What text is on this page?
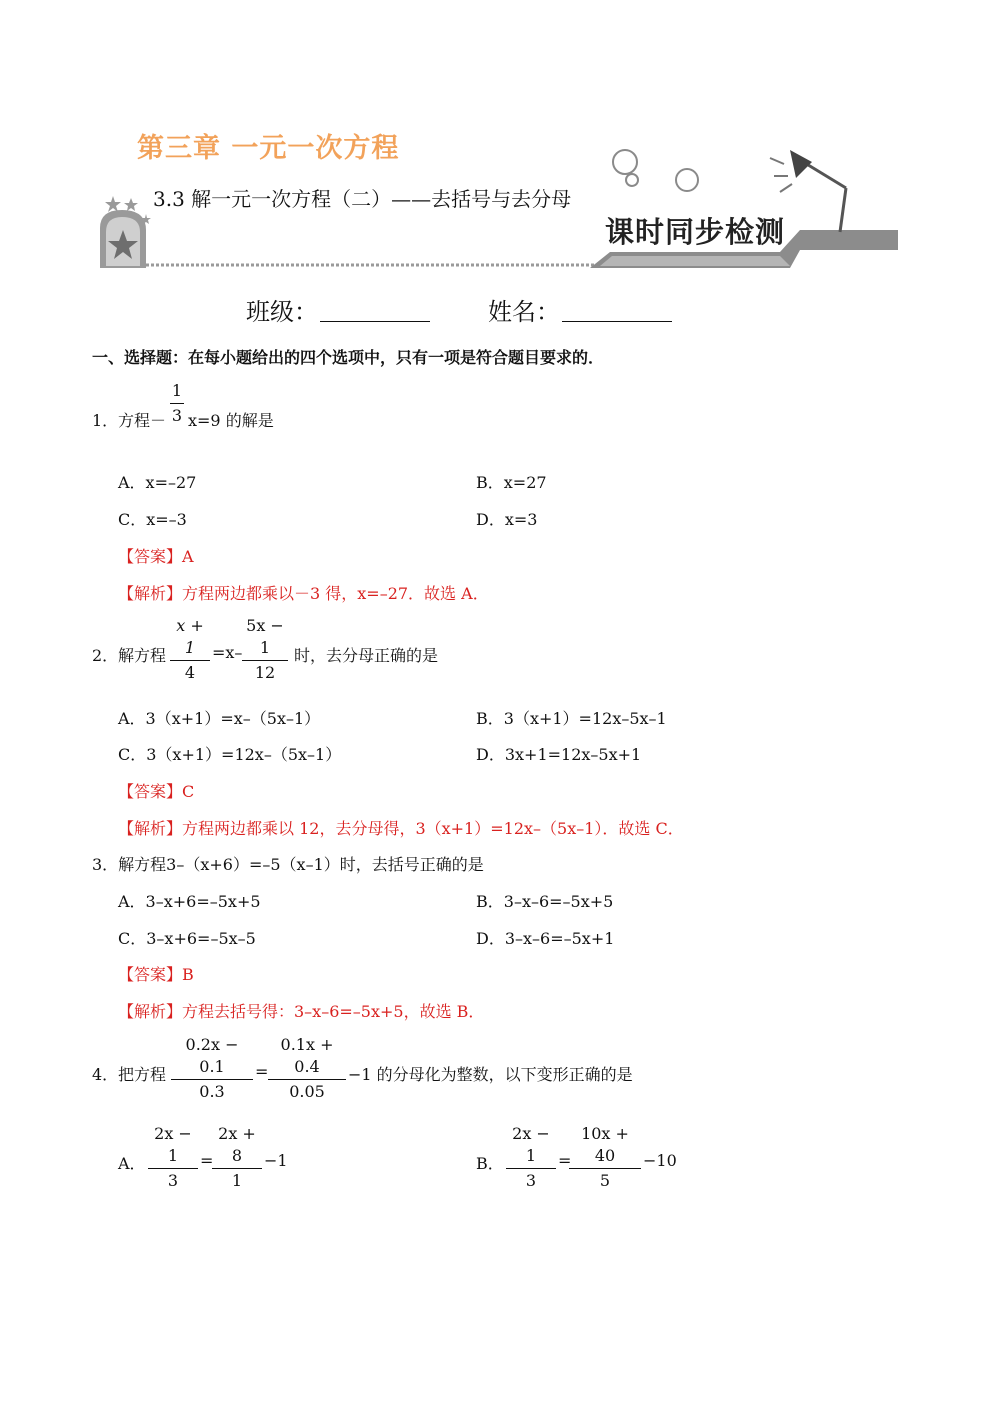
第三章 一元一次方程
3.3 解一元一次方程（二）——去括号与去分母
课时同步检测
班级：	姓名：
一、选择题：在每小题给出的四个选项中，只有一项是符合题目要求的．
1． 方程－
1
3 x=9 的解是
A．x=–27	B．x=27
C．x=–3	D．x=3
【答案】A
【解析】方程两边都乘以－3 得，x=–27．故选 A．
2． 解方程
x + 1
4
=x–
5x − 1
12
时，去分母正确的是
A．3（x+1）=x–（5x–1）	B．3（x+1）=12x–5x–1
C．3（x+1）=12x–（5x–1）	D．3x+1=12x–5x+1
【答案】C
【解析】方程两边都乘以 12，去分母得，3（x+1）=12x–（5x–1）．故选 C．
3．解方程3–（x+6）=–5（x–1）时，去括号正确的是
A．3–x+6=–5x+5	B．3–x–6=–5x+5
C．3–x+6=–5x–5	D．3–x–6=–5x+1
【答案】B
【解析】方程去括号得：3–x–6=–5x+5，故选 B．
4． 把方程
0.2x − 0.1
0.3
=
0.1x + 0.4
0.05
−1 的分母化为整数，以下变形正确的是
A．
2x − 1
3
=
2x + 8
1
−1	B．
2x − 1
3
=
10x + 40
5
−10
